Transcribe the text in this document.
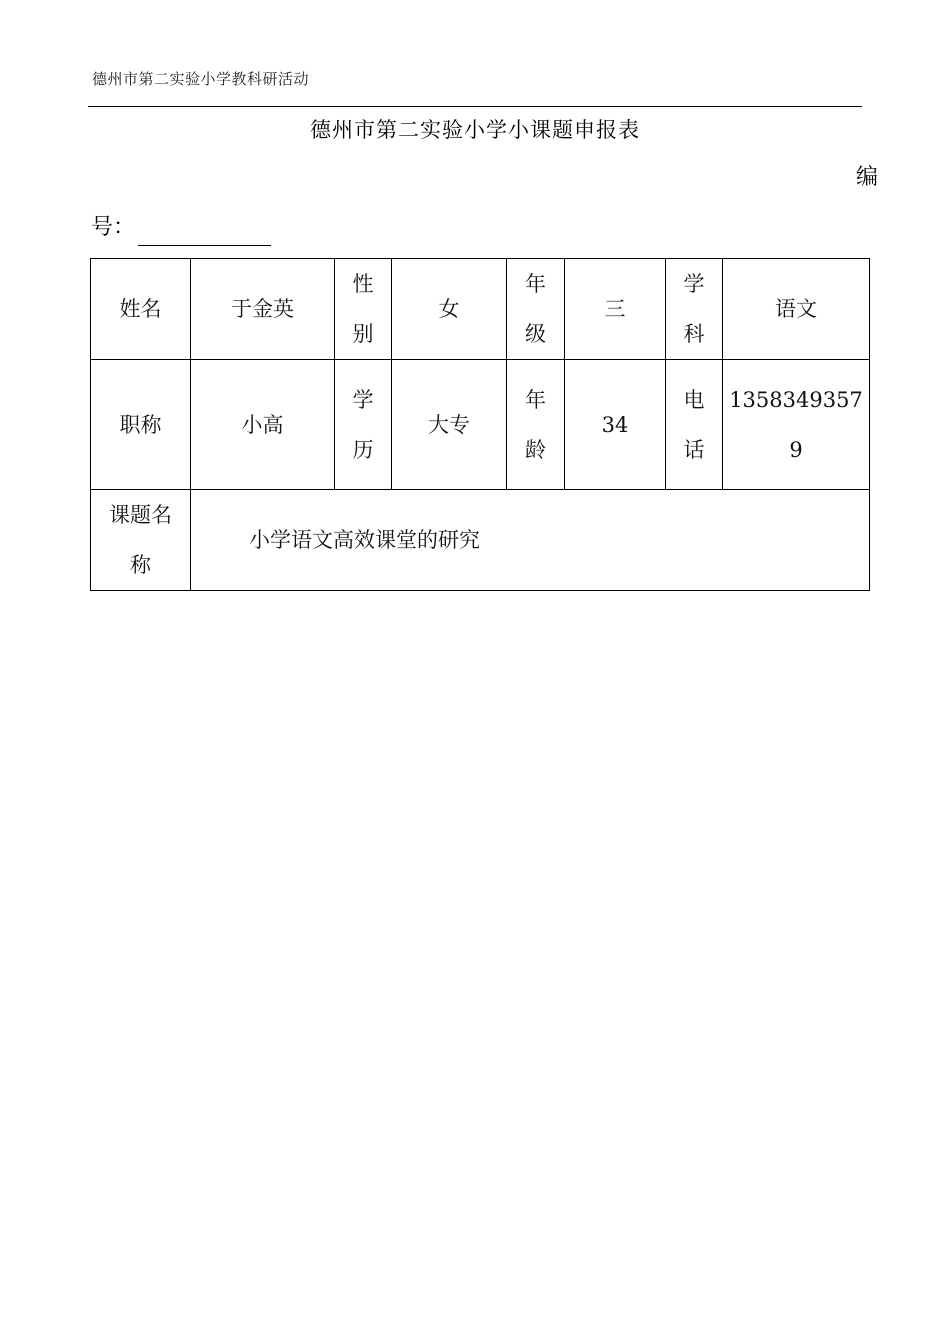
德州市第二实验小学教科研活动
德州市第二实验小学小课题申报表
编
号：
姓名	于金英	性别	女	年级	三	学科	语文
职称	小高	学历	大专	年龄	34	电话	13583493579

课题名称	小学语文高效课堂的研究						
